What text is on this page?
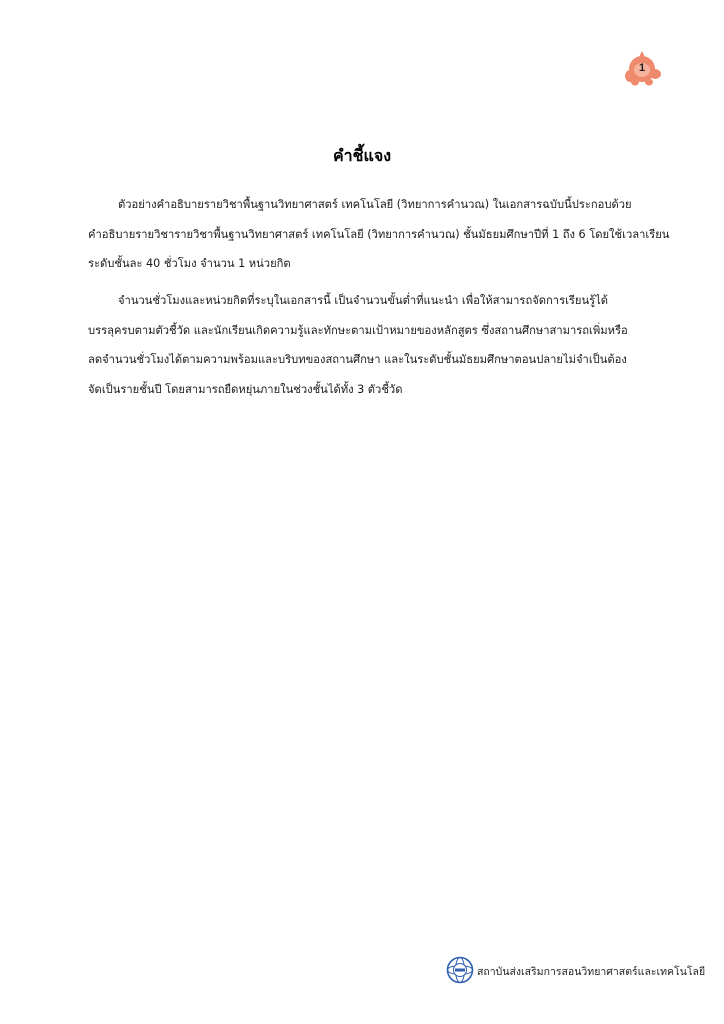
1
คำชี้แจง
ตัวอย่างคำอธิบายรายวิชาพื้นฐานวิทยาศาสตร์ เทคโนโลยี (วิทยาการคำนวณ) ในเอกสารฉบับนี้ประกอบด้วย
คำอธิบายรายวิชารายวิชาพื้นฐานวิทยาศาสตร์ เทคโนโลยี (วิทยาการคำนวณ) ชั้นมัธยมศึกษาปีที่ 1 ถึง 6 โดยใช้เวลาเรียน
ระดับชั้นละ 40 ชั่วโมง จำนวน 1 หน่วยกิต
จำนวนชั่วโมงและหน่วยกิตที่ระบุในเอกสารนี้ เป็นจำนวนขั้นต่ำที่แนะนำ เพื่อให้สามารถจัดการเรียนรู้ได้
บรรลุครบตามตัวชี้วัด และนักเรียนเกิดความรู้และทักษะตามเป้าหมายของหลักสูตร ซึ่งสถานศึกษาสามารถเพิ่มหรือ
ลดจำนวนชั่วโมงได้ตามความพร้อมและบริบทของสถานศึกษา และในระดับชั้นมัธยมศึกษาตอนปลายไม่จำเป็นต้อง
จัดเป็นรายชั้นปี โดยสามารถยืดหยุ่นภายในช่วงชั้นได้ทั้ง 3 ตัวชี้วัด
สถาบันส่งเสริมการสอนวิทยาศาสตร์และเทคโนโลยี
